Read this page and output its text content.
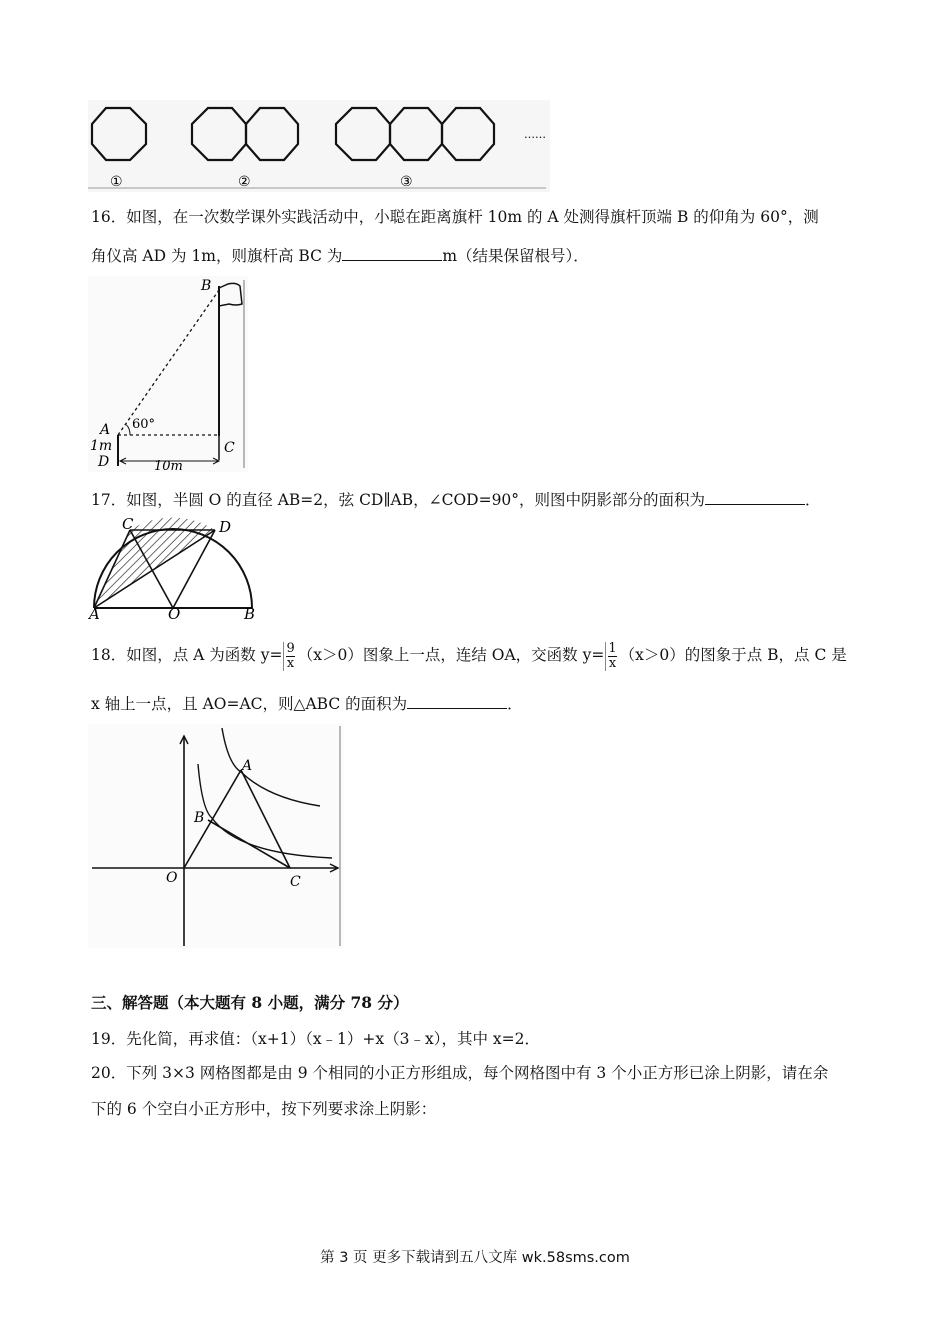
①	②	③
……
16．如图，在一次数学课外实践活动中，小聪在距离旗杆 10m 的 A 处测得旗杆顶端 B 的仰角为 60°，测
角仪高 AD 为 1m，则旗杆高 BC 为	m（结果保留根号）．
B
A 60°
C
1m
D	10m
17．如图，半圆 O 的直径 AB=2，弦 CD∥AB，∠COD=90°，则图中阴影部分的面积为	．
C	D
A	O	B
18．如图，点 A 为函数 $y= \frac{9}{x} (x>0)$图象上一点，连结 OA，交函数 $y= \frac{1}{x} (x>0)$的图象于点 B，点 C 是
x 轴上一点，且 AO=AC，则△ABC 的面积为	．
A
B
O	C
三、解答题（本大题有 8 小题，满分 78 分）
19．先化简，再求值：（x+1）（x﹣1）+x（3﹣x），其中 x=2．
20．下列 3×3 网格图都是由 9 个相同的小正方形组成，每个网格图中有 3 个小正方形已涂上阴影，请在余
下的 6 个空白小正方形中，按下列要求涂上阴影：
第 3 页 更多下载请到五八文库 wk.58sms.com
